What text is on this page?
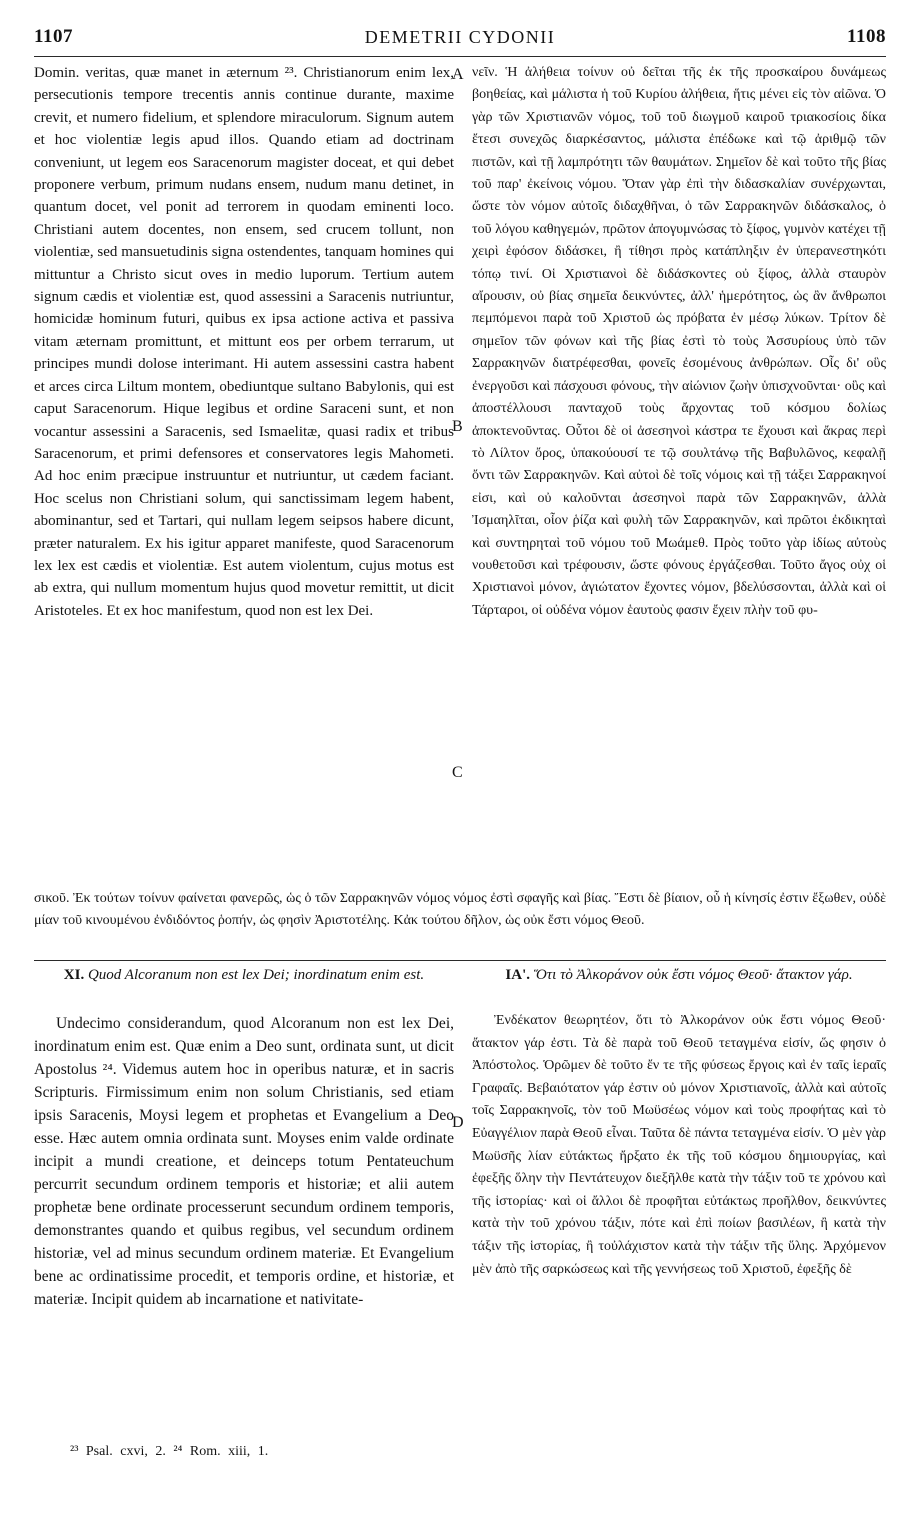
1107	DEMETRII CYDONII	1108

Domin. veritas, quæ manet in æternum ²³. Christianorum enim lex, persecutionis tempore trecentis annis continue durante, maxime crevit, et numero fidelium, et splendore miraculorum. Signum autem et hoc violentiæ legis apud illos. Quando etiam ad doctrinam conveniunt, ut legem eos Saracenorum magister doceat, et qui debet proponere verbum, primum nudans ensem, nudum manu detinet, in quantum docet, vel ponit ad terrorem in quodam eminenti loco. Christiani autem docentes, non ensem, sed crucem tollunt, non violentiæ, sed mansuetudinis signa ostendentes, tanquam homines qui mittuntur a Christo sicut oves in medio luporum. Tertium autem signum cædis et violentiæ est, quod assessini a Saracenis nutriuntur, homicidæ hominum futuri, quibus ex ipsa actione activa et passiva vitam æternam promittunt, et mittunt eos per orbem terrarum, ut principes mundi dolose interimant. Hi autem assessini castra habent et arces circa Liltum montem, obediuntque sultano Babylonis, qui est caput Saracenorum. Hique legibus et ordine Saraceni sunt, et non vocantur assessini a Saracenis, sed Ismaelitæ, quasi radix et tribus Saracenorum, et primi defensores et conservatores legis Mahometi. Ad hoc enim præcipue instruuntur et nutriuntur, ut cædem faciant. Hoc scelus non Christiani solum, qui sanctissimam legem habent, abominantur, sed et Tartari, qui nullam legem seipsos habere dicunt, præter naturalem. Ex his igitur apparet manifeste, quod Saracenorum lex lex est cædis et violentiæ. Est autem violentum, cujus motus est ab extra, qui nullum momentum hujus quod movetur remittit, ut dicit Aristoteles. Et ex hoc manifestum, quod non est lex Dei.

νεῖν. Ἡ ἀλήθεια τοίνυν οὐ δεῖται τῆς ἐκ τῆς προσκαίρου δυνάμεως βοηθείας, καὶ μάλιστα ἡ τοῦ Κυρίου ἀλήθεια, ἥτις μένει εἰς τὸν αἰῶνα. Ὁ γὰρ τῶν Χριστιανῶν νόμος, τοῦ τοῦ διωγμοῦ καιροῦ τριακοσίοις δίκα ἔτεσι συνεχῶς διαρκέσαντος, μάλιστα ἐπέδωκε καὶ τῷ ἀριθμῷ τῶν πιστῶν, καὶ τῇ λαμπρότητι τῶν θαυμάτων. Σημεῖον δὲ καὶ τοῦτο τῆς βίας τοῦ παρ' ἐκείνοις νόμου. Ὅταν γὰρ ἐπὶ τὴν διδασκαλίαν συνέρχωνται, ὥστε τὸν νόμον αὐτοῖς διδαχθῆναι, ὁ τῶν Σαρρακηνῶν διδάσκαλος, ὁ τοῦ λόγου καθηγεμών, πρῶτον ἀπογυμνώσας τὸ ξίφος, γυμνὸν κατέχει τῇ χειρὶ ἐφόσον διδάσκει, ἢ τίθησι πρὸς κατάπληξιν ἐν ὑπερανεστηκότι τόπῳ τινί. Οἱ Χριστιανοὶ δὲ διδάσκοντες οὐ ξίφος, ἀλλὰ σταυρὸν αἴρουσιν, οὐ βίας σημεῖα δεικνύντες, ἀλλ' ἡμερότητος, ὡς ἂν ἄνθρωποι πεμπόμενοι παρὰ τοῦ Χριστοῦ ὡς πρόβατα ἐν μέσῳ λύκων. Τρίτον δὲ σημεῖον τῶν φόνων καὶ τῆς βίας ἐστὶ τὸ τοὺς Ἀσσυρίους ὑπὸ τῶν Σαρρακηνῶν διατρέφεσθαι, φονεῖς ἐσομένους ἀνθρώπων. Οἷς δι' οὓς ἐνεργοῦσι καὶ πάσχουσι φόνους, τὴν αἰώνιον ζωὴν ὑπισχνοῦνται· οὓς καὶ ἀποστέλλουσι πανταχοῦ τοὺς ἄρχοντας τοῦ κόσμου δολίως ἀποκτενοῦντας. Οὗτοι δὲ οἱ ἀσεσηνοὶ κάστρα τε ἔχουσι καὶ ἄκρας περὶ τὸ Λίλτον ὄρος, ὑπακούουσί τε τῷ σουλτάνῳ τῆς Βαβυλῶνος, κεφαλῇ ὄντι τῶν Σαρρακηνῶν. Καὶ αὐτοὶ δὲ τοῖς νόμοις καὶ τῇ τάξει Σαρρακηνοί εἰσι, καὶ οὐ καλοῦνται ἀσεσηνοὶ παρὰ τῶν Σαρρακηνῶν, ἀλλὰ Ἰσμαηλῖται, οἷον ῥίζα καὶ φυλὴ τῶν Σαρρακηνῶν, καὶ πρῶτοι ἐκδικηταὶ καὶ συντηρηταὶ τοῦ νόμου τοῦ Μωάμεθ. Πρὸς τοῦτο γὰρ ἰδίως αὐτοὺς νουθετοῦσι καὶ τρέφουσιν, ὥστε φόνους ἐργάζεσθαι. Τοῦτο ἄγος οὐχ οἱ Χριστιανοὶ μόνον, ἁγιώτατον ἔχοντες νόμον, βδελύσσονται, ἀλλὰ καὶ οἱ Τάρταροι, οἱ οὐδένα νόμον ἑαυτοὺς φασιν ἔχειν πλὴν τοῦ φυ-

A
B
C
D
σικοῦ. Ἐκ τούτων τοίνυν φαίνεται φανερῶς, ὡς ὁ τῶν Σαρρακηνῶν νόμος νόμος ἐστὶ σφαγῆς καὶ βίας. Ἔστι δὲ βίαιον, οὗ ἡ κίνησίς ἐστιν ἔξωθεν, οὐδὲ μίαν τοῦ κινουμένου ἐνδιδόντος ῥοπήν, ὡς φησὶν Ἀριστοτέλης. Κἀκ τούτου δῆλον, ὡς οὐκ ἔστι νόμος Θεοῦ.
XI. Quod Alcoranum non est lex Dei; inordinatum enim est.	ΙΑ'. Ὅτι τὸ Ἀλκοράνον οὐκ ἔστι νόμος Θεοῦ· ἄτακτον γάρ.

Undecimo considerandum, quod Alcoranum non est lex Dei, inordinatum enim est. Quæ enim a Deo sunt, ordinata sunt, ut dicit Apostolus ²⁴. Videmus autem hoc in operibus naturæ, et in sacris Scripturis. Firmissimum enim non solum Christianis, sed etiam ipsis Saracenis, Moysi legem et prophetas et Evangelium a Deo esse. Hæc autem omnia ordinata sunt. Moyses enim valde ordinate incipit a mundi creatione, et deinceps totum Pentateuchum percurrit secundum ordinem temporis et historiæ; et alii autem prophetæ bene ordinate processerunt secundum ordinem temporis, demonstrantes quando et quibus regibus, vel secundum ordinem historiæ, vel ad minus secundum ordinem materiæ. Et Evangelium bene ac ordinatissime procedit, et temporis ordine, et historiæ, et materiæ. Incipit quidem ab incarnatione et nativitate-

Ἐνδέκατον θεωρητέον, ὅτι τὸ Ἀλκοράνον οὐκ ἔστι νόμος Θεοῦ· ἄτακτον γάρ ἐστι. Τὰ δὲ παρὰ τοῦ Θεοῦ τεταγμένα εἰσίν, ὥς φησιν ὁ Ἀπόστολος. Ὁρῶμεν δὲ τοῦτο ἔν τε τῆς φύσεως ἔργοις καὶ ἐν ταῖς ἱεραῖς Γραφαῖς. Βεβαιότατον γάρ ἐστιν οὐ μόνον Χριστιανοῖς, ἀλλὰ καὶ αὐτοῖς τοῖς Σαρρακηνοῖς, τὸν τοῦ Μωϋσέως νόμον καὶ τοὺς προφήτας καὶ τὸ Εὐαγγέλιον παρὰ Θεοῦ εἶναι. Ταῦτα δὲ πάντα τεταγμένα εἰσίν. Ὁ μὲν γὰρ Μωϋσῆς λίαν εὐτάκτως ἤρξατο ἐκ τῆς τοῦ κόσμου δημιουργίας, καὶ ἐφεξῆς ὅλην τὴν Πεντάτευχον διεξῆλθε κατὰ τὴν τάξιν τοῦ τε χρόνου καὶ τῆς ἱστορίας· καὶ οἱ ἄλλοι δὲ προφῆται εὐτάκτως προῆλθον, δεικνύντες κατὰ τὴν τοῦ χρόνου τάξιν, πότε καὶ ἐπὶ ποίων βασιλέων, ἢ κατὰ τὴν τάξιν τῆς ἱστορίας, ἢ τοὐλάχιστον κατὰ τὴν τάξιν τῆς ὕλης. Ἀρχόμενον μὲν ἀπὸ τῆς σαρκώσεως καὶ τῆς γεννήσεως τοῦ Χριστοῦ, ἐφεξῆς δὲ

²³ Psal. cxvi, 2. ²⁴ Rom. xiii, 1.
